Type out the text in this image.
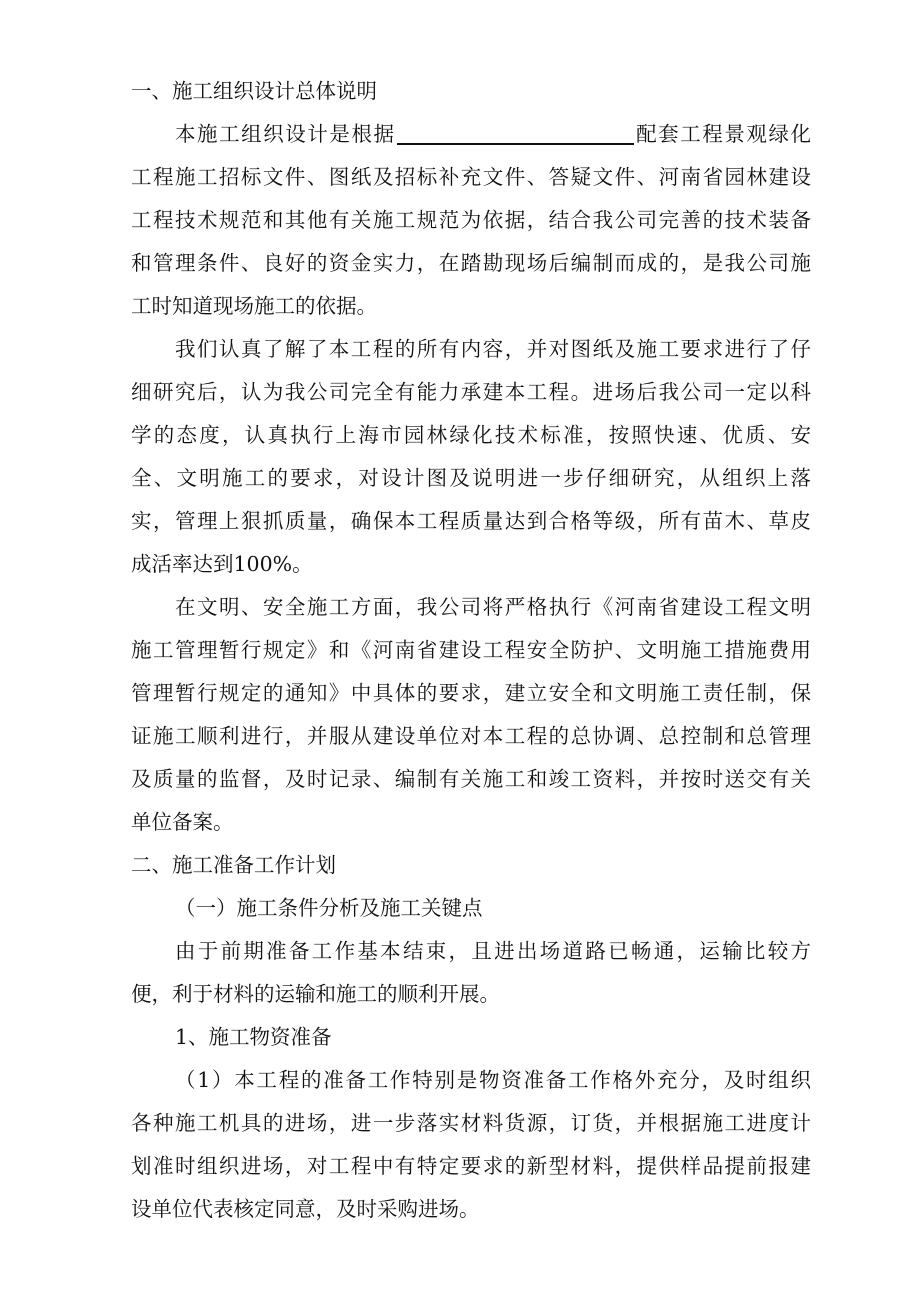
一、施工组织设计总体说明
本施工组织设计是根据	配套工程景观绿化
工程施工招标文件、图纸及招标补充文件、答疑文件、河南省园林建设
工程技术规范和其他有关施工规范为依据，结合我公司完善的技术装备
和管理条件、良好的资金实力，在踏勘现场后编制而成的，是我公司施
工时知道现场施工的依据。
我们认真了解了本工程的所有内容，并对图纸及施工要求进行了仔
细研究后，认为我公司完全有能力承建本工程。进场后我公司一定以科
学的态度，认真执行上海市园林绿化技术标准，按照快速、优质、安
全、文明施工的要求，对设计图及说明进一步仔细研究，从组织上落
实，管理上狠抓质量，确保本工程质量达到合格等级，所有苗木、草皮
成活率达到100%。
在文明、安全施工方面，我公司将严格执行《河南省建设工程文明
施工管理暂行规定》和《河南省建设工程安全防护、文明施工措施费用
管理暂行规定的通知》中具体的要求，建立安全和文明施工责任制，保
证施工顺利进行，并服从建设单位对本工程的总协调、总控制和总管理
及质量的监督，及时记录、编制有关施工和竣工资料，并按时送交有关
单位备案。
二、施工准备工作计划
（一）施工条件分析及施工关键点
由于前期准备工作基本结束，且进出场道路已畅通，运输比较方
便，利于材料的运输和施工的顺利开展。
1、施工物资准备
（1）本工程的准备工作特别是物资准备工作格外充分，及时组织
各种施工机具的进场，进一步落实材料货源，订货，并根据施工进度计
划准时组织进场，对工程中有特定要求的新型材料，提供样品提前报建
设单位代表核定同意，及时采购进场。
